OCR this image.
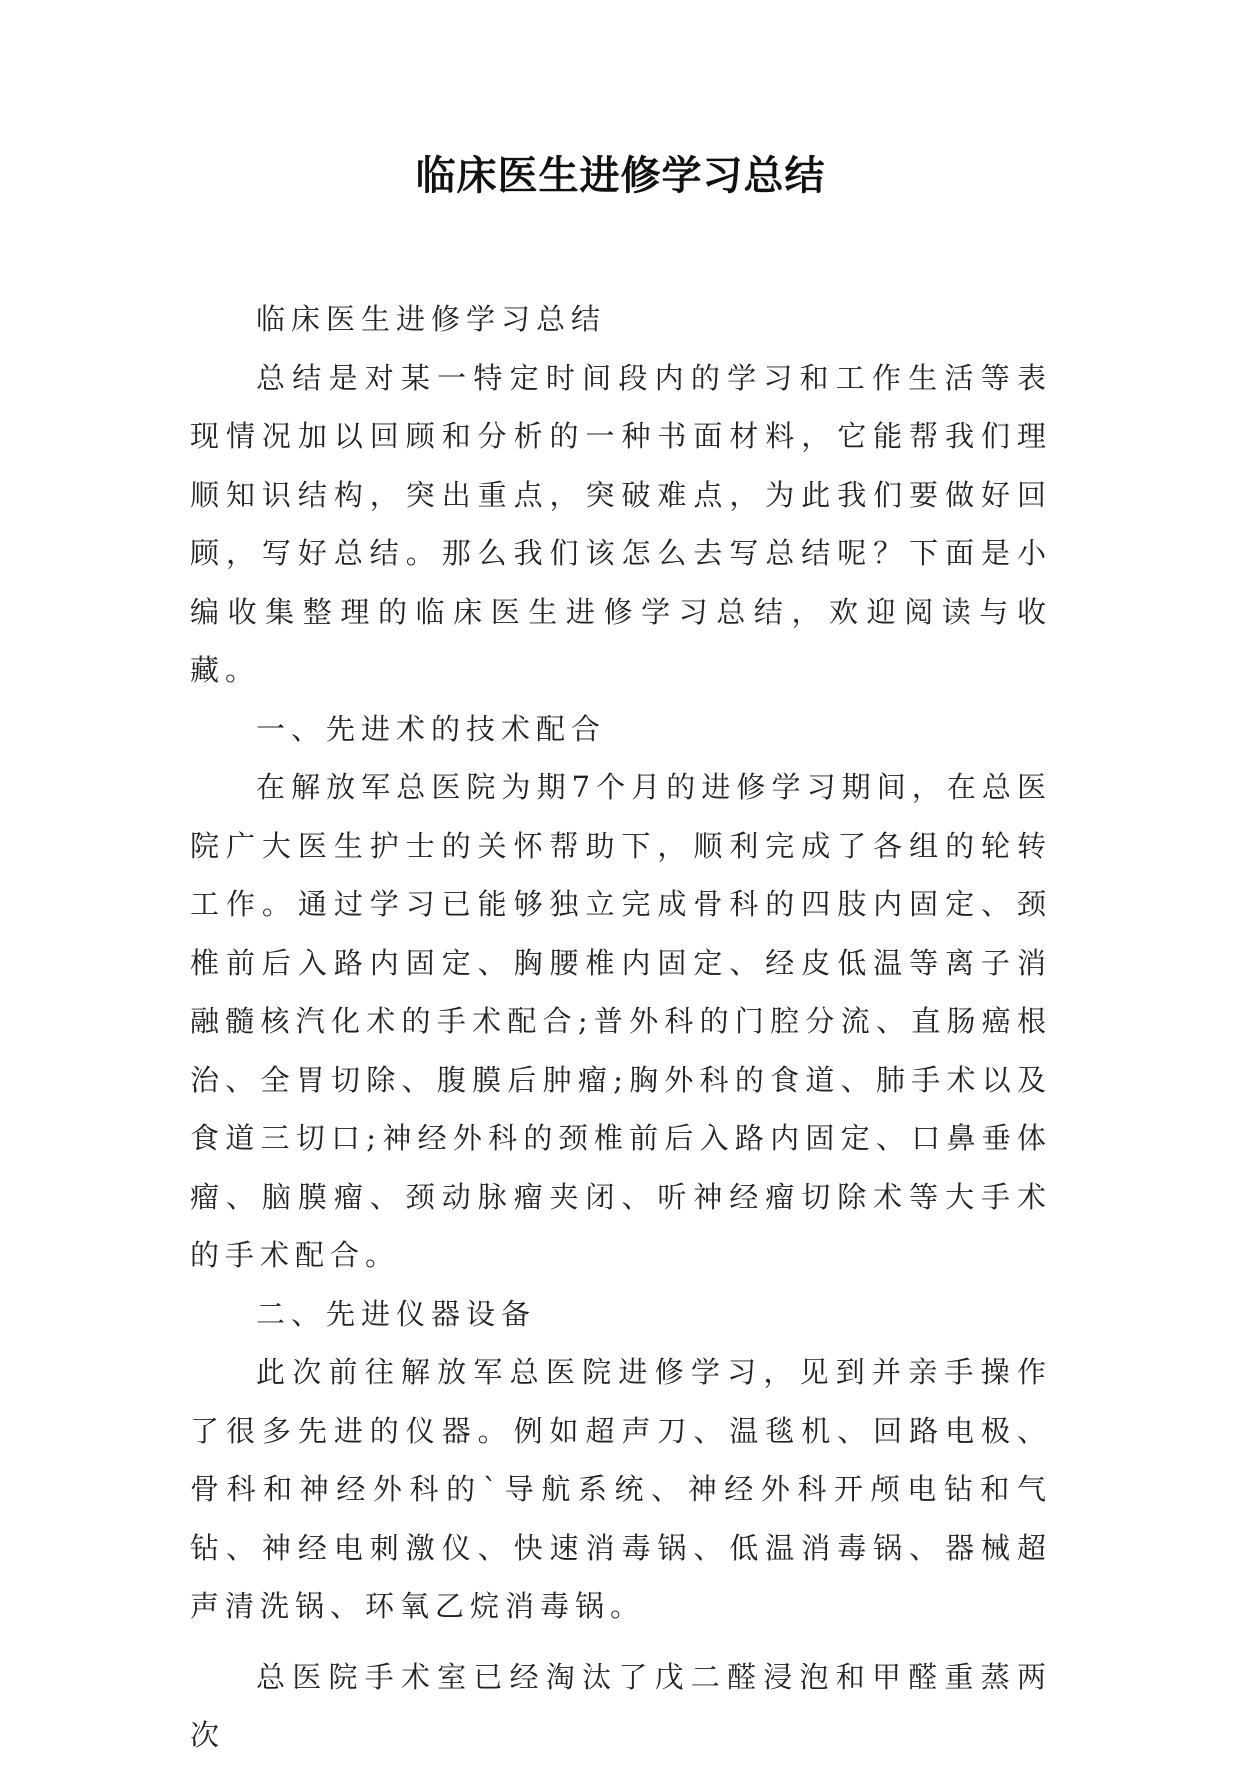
临床医生进修学习总结

临床医生进修学习总结

总结是对某一特定时间段内的学习和工作生活等表现情况加以回顾和分析的一种书面材料，它能帮我们理顺知识结构，突出重点，突破难点，为此我们要做好回顾，写好总结。那么我们该怎么去写总结呢？下面是小编收集整理的临床医生进修学习总结，欢迎阅读与收藏。

一、先进术的技术配合

在解放军总医院为期7个月的进修学习期间，在总医院广大医生护士的关怀帮助下，顺利完成了各组的轮转工作。通过学习已能够独立完成骨科的四肢内固定、颈椎前后入路内固定、胸腰椎内固定、经皮低温等离子消融髓核汽化术的手术配合;普外科的门腔分流、直肠癌根治、全胃切除、腹膜后肿瘤;胸外科的食道、肺手术以及食道三切口;神经外科的颈椎前后入路内固定、口鼻垂体瘤、脑膜瘤、颈动脉瘤夹闭、听神经瘤切除术等大手术的手术配合。

二、先进仪器设备

此次前往解放军总医院进修学习，见到并亲手操作了很多先进的仪器。例如超声刀、温毯机、回路电极、骨科和神经外科的`导航系统、神经外科开颅电钻和气钻、神经电刺激仪、快速消毒锅、低温消毒锅、器械超声清洗锅、环氧乙烷消毒锅。

总医院手术室已经淘汰了戊二醛浸泡和甲醛重蒸两次
